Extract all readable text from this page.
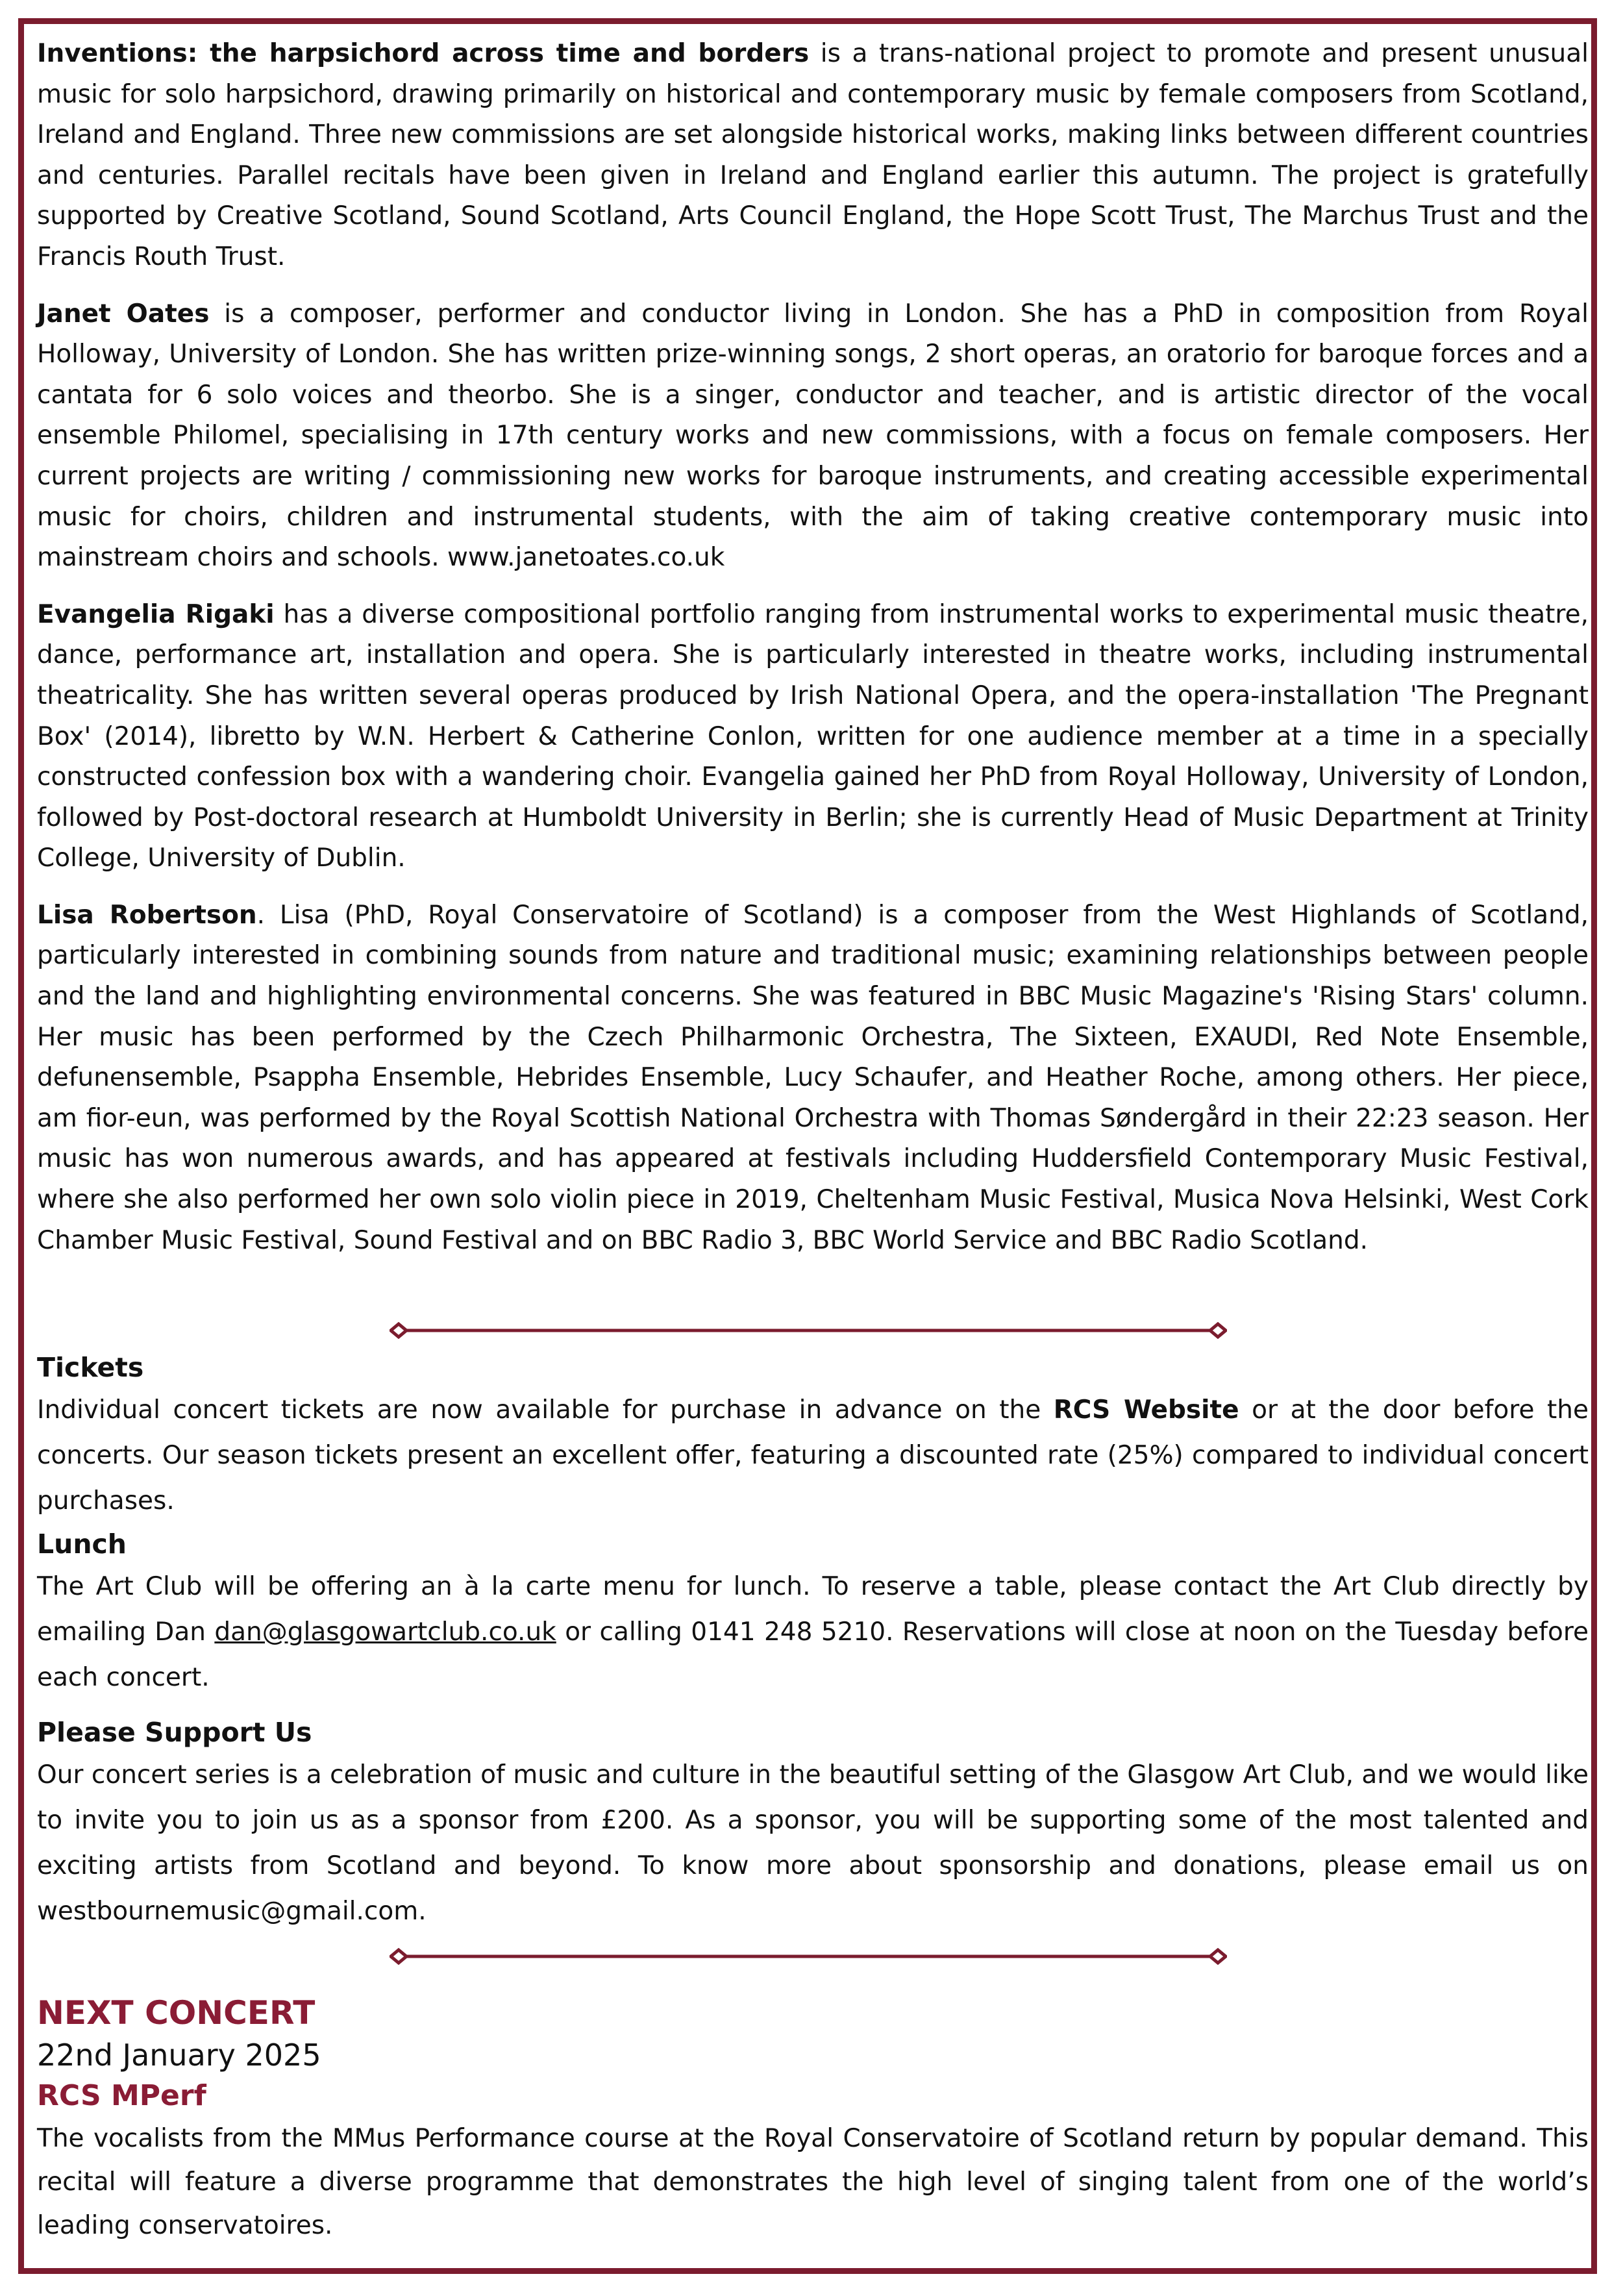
Inventions: the harpsichord across time and borders is a trans-national project to promote and present unusual music for solo harpsichord, drawing primarily on historical and contemporary music by female composers from Scotland, Ireland and England. Three new commissions are set alongside historical works, making links between different countries and centuries. Parallel recitals have been given in Ireland and England earlier this autumn. The project is gratefully supported by Creative Scotland, Sound Scotland, Arts Council England, the Hope Scott Trust, The Marchus Trust and the Francis Routh Trust.

Janet Oates is a composer, performer and conductor living in London. She has a PhD in composition from Royal Holloway, University of London. She has written prize-winning songs, 2 short operas, an oratorio for baroque forces and a cantata for 6 solo voices and theorbo. She is a singer, conductor and teacher, and is artistic director of the vocal ensemble Philomel, specialising in 17th century works and new commissions, with a focus on female composers. Her current projects are writing / commissioning new works for baroque instruments, and creating accessible experimental music for choirs, children and instrumental students, with the aim of taking creative contemporary music into mainstream choirs and schools. www.janetoates.co.uk

Evangelia Rigaki has a diverse compositional portfolio ranging from instrumental works to experimental music theatre, dance, performance art, installation and opera. She is particularly interested in theatre works, including instrumental theatricality. She has written several operas produced by Irish National Opera, and the opera-installation 'The Pregnant Box' (2014), libretto by W.N. Herbert & Catherine Conlon, written for one audience member at a time in a specially constructed confession box with a wandering choir. Evangelia gained her PhD from Royal Holloway, University of London, followed by Post-doctoral research at Humboldt University in Berlin; she is currently Head of Music Department at Trinity College, University of Dublin.

Lisa Robertson. Lisa (PhD, Royal Conservatoire of Scotland) is a composer from the West Highlands of Scotland, particularly interested in combining sounds from nature and traditional music; examining relationships between people and the land and highlighting environmental concerns. She was featured in BBC Music Magazine's 'Rising Stars' column. Her music has been performed by the Czech Philharmonic Orchestra, The Sixteen, EXAUDI, Red Note Ensemble, defunensemble, Psappha Ensemble, Hebrides Ensemble, Lucy Schaufer, and Heather Roche, among others. Her piece, am fior-eun, was performed by the Royal Scottish National Orchestra with Thomas Søndergård in their 22:23 season. Her music has won numerous awards, and has appeared at festivals including Huddersfield Contemporary Music Festival, where she also performed her own solo violin piece in 2019, Cheltenham Music Festival, Musica Nova Helsinki, West Cork Chamber Music Festival, Sound Festival and on BBC Radio 3, BBC World Service and BBC Radio Scotland.

Tickets

Individual concert tickets are now available for purchase in advance on the RCS Website or at the door before the concerts. Our season tickets present an excellent offer, featuring a discounted rate (25%) compared to individual concert purchases.

Lunch

The Art Club will be offering an à la carte menu for lunch. To reserve a table, please contact the Art Club directly by emailing Dan dan@glasgowartclub.co.uk or calling 0141 248 5210. Reservations will close at noon on the Tuesday before each concert.

Please Support Us

Our concert series is a celebration of music and culture in the beautiful setting of the Glasgow Art Club, and we would like to invite you to join us as a sponsor from £200. As a sponsor, you will be supporting some of the most talented and exciting artists from Scotland and beyond. To know more about sponsorship and donations, please email us on westbournemusic@gmail.com.

NEXT CONCERT
22nd January 2025
RCS MPerf

The vocalists from the MMus Performance course at the Royal Conservatoire of Scotland return by popular demand. This recital will feature a diverse programme that demonstrates the high level of singing talent from one of the world’s leading conservatoires.
